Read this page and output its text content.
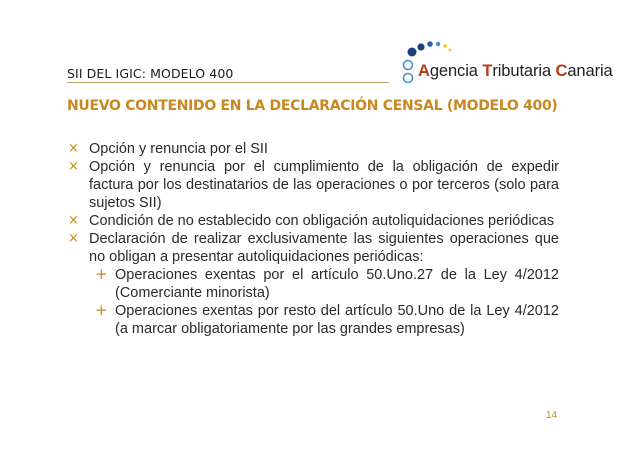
SII DEL IGIC: MODELO 400	Agencia Tributaria Canaria
NUEVO CONTENIDO EN LA DECLARACIÓN CENSAL (MODELO 400)
× Opción y renuncia por el SII
× Opción y renuncia por el cumplimiento de la obligación de expedir factura por los destinatarios de las operaciones o por terceros (solo para sujetos SII)
× Condición de no establecido con obligación autoliquidaciones periódicas
× Declaración de realizar exclusivamente las siguientes operaciones que no obligan a presentar autoliquidaciones periódicas:
+ Operaciones exentas por el artículo 50.Uno.27 de la Ley 4/2012 (Comerciante minorista)
+ Operaciones exentas por resto del artículo 50.Uno de la Ley 4/2012 (a marcar obligatoriamente por las grandes empresas)
14
